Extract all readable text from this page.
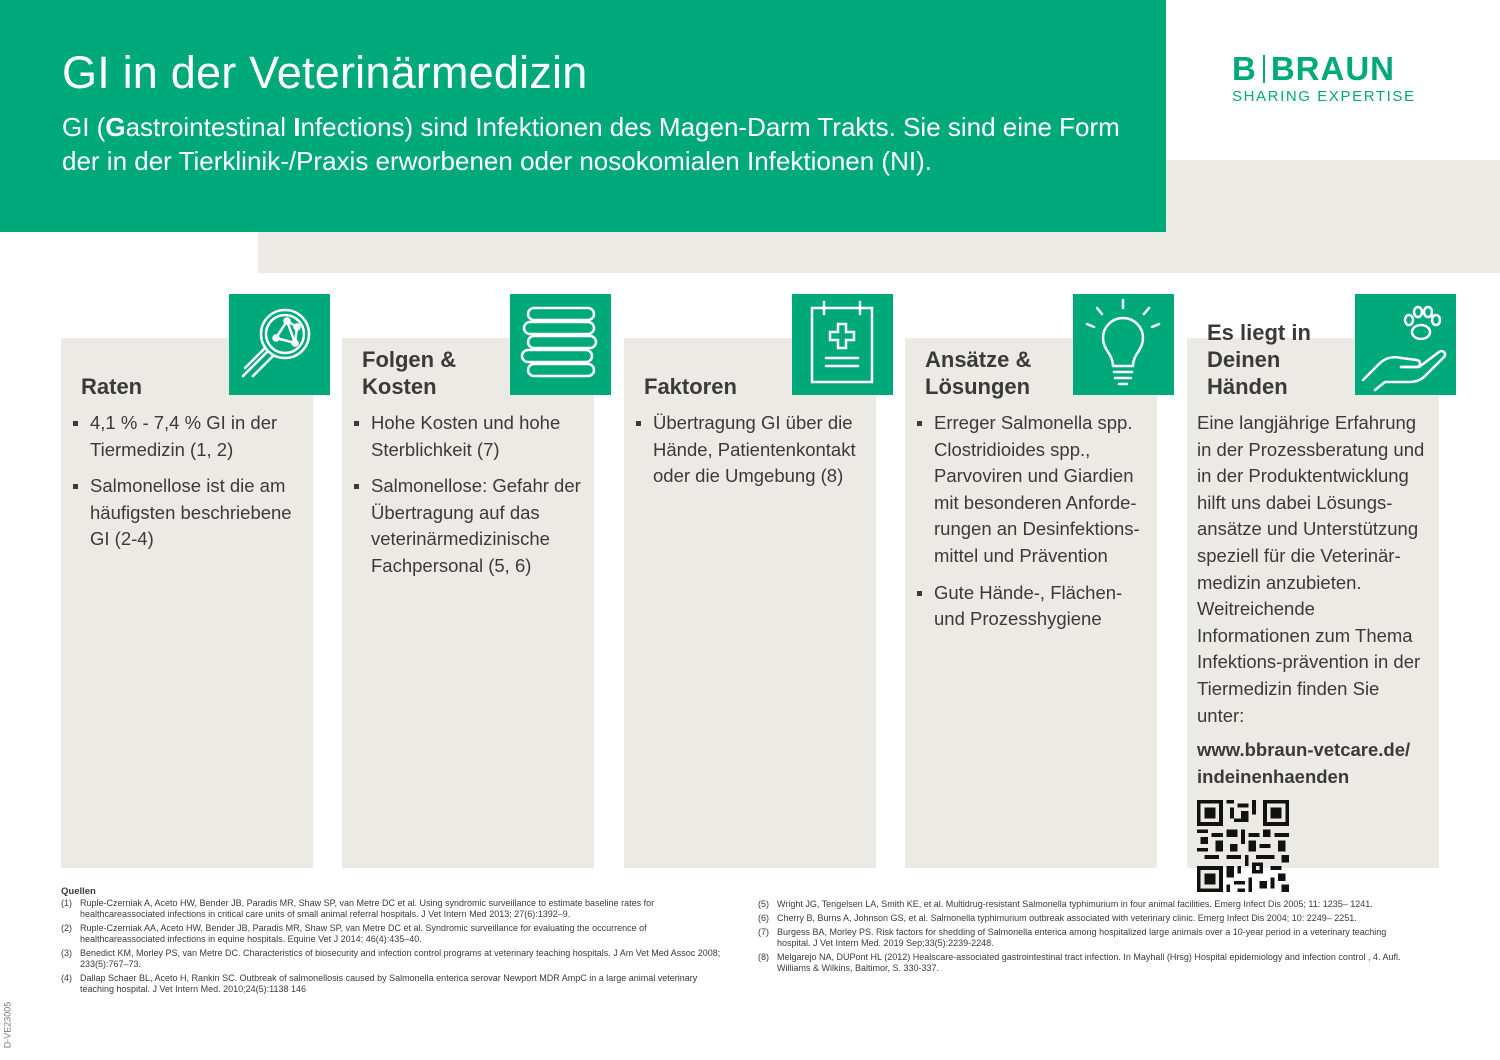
GI in der Veterinärmedizin
GI (Gastrointestinal Infections) sind Infektionen des Magen-Darm Trakts. Sie sind eine Form der in der Tierklinik-/Praxis erworbenen oder nosokomialen Infektionen (NI).
B BRAUN
SHARING EXPERTISE
Raten
4,1 % - 7,4 % GI in der Tiermedizin (1, 2)
Salmonellose ist die am häufigsten beschriebene GI (2-4)
Folgen & Kosten
Hohe Kosten und hohe Sterblichkeit (7)
Salmonellose: Gefahr der Übertragung auf das veterinärmedizinische Fachpersonal (5, 6)
Faktoren
Übertragung GI über die Hände, Patientenkontakt oder die Umgebung (8)
Ansätze & Lösungen
Erreger Salmonella spp. Clostridioides spp., Parvoviren und Giardien mit besonderen Anforde-rungen an Desinfektions-mittel und Prävention
Gute Hände-, Flächen- und Prozesshygiene
Es liegt in Deinen Händen

Eine langjährige Erfahrung in der Prozessberatung und in der Produktentwicklung hilft uns dabei Lösungs-ansätze und Unterstützung speziell für die Veterinär-medizin anzubieten. Weitreichende Informationen zum Thema Infektions-prävention in der Tiermedizin finden Sie unter:

www.bbraun-vetcare.de/
indeinenhaenden

Quellen
(1) Ruple-Czerniak A, Aceto HW, Bender JB, Paradis MR, Shaw SP, van Metre DC et al. Using syndromic surveillance to estimate baseline rates for healthcareassociated infections in critical care units of small animal referral hospitals. J Vet Intern Med 2013; 27(6):1392–9.
(2) Ruple-Czerniak AA, Aceto HW, Bender JB, Paradis MR, Shaw SP, van Metre DC et al. Syndromic surveillance for evaluating the occurrence of healthcareassociated infections in equine hospitals. Equine Vet J 2014; 46(4):435–40.
(3) Benedict KM, Morley PS, van Metre DC. Characteristics of biosecurity and infection control programs at veterinary teaching hospitals. J Am Vet Med Assoc 2008; 233(5):767–73.
(4) Dallap Schaer BL, Aceto H, Rankin SC. Outbreak of salmonellosis caused by Salmonella enterica serovar Newport MDR AmpC in a large animal veterinary teaching hospital. J Vet Intern Med. 2010;24(5):1138 146
(5) Wright JG, Tengelsen LA, Smith KE, et al. Multidrug-resistant Salmonella typhimurium in four animal facilities. Emerg Infect Dis 2005; 11: 1235– 1241.
(6) Cherry B, Burns A, Johnson GS, et al. Salmonella typhimurium outbreak associated with veterinary clinic. Emerg Infect Dis 2004; 10: 2249– 2251.
(7) Burgess BA, Morley PS. Risk factors for shedding of Salmonella enterica among hospitalized large animals over a 10-year period in a veterinary teaching hospital. J Vet Intern Med. 2019 Sep;33(5):2239-2248.
(8) Melgarejo NA, DUPont HL (2012) Healscare-associated gastrointestinal tract infection. In Mayhall (Hrsg) Hospital epidemiology and infection control , 4. Aufl. Williams & Wilkins, Baltimor, S. 330-337.
D-VE23005
